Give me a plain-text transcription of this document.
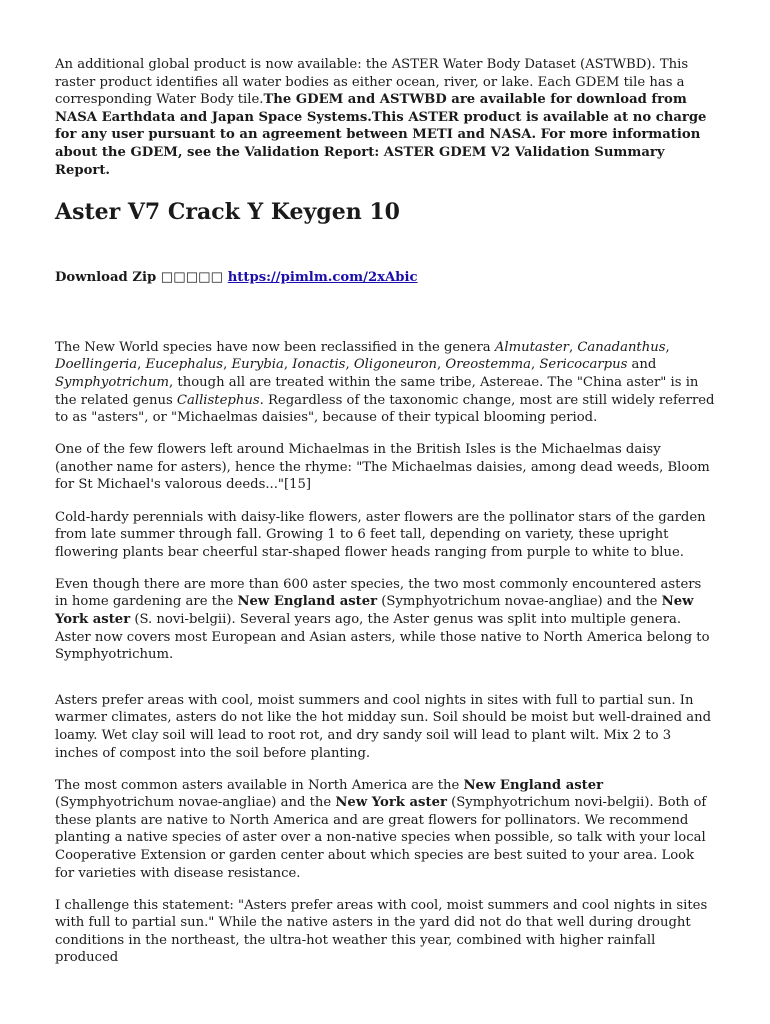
An additional global product is now available: the ASTER Water Body Dataset (ASTWBD). This raster product identifies all water bodies as either ocean, river, or lake. Each GDEM tile has a corresponding Water Body tile.The GDEM and ASTWBD are available for download from NASA Earthdata and Japan Space Systems.This ASTER product is available at no charge for any user pursuant to an agreement between METI and NASA. For more information about the GDEM, see the Validation Report: ASTER GDEM V2 Validation Summary Report.

Aster V7 Crack Y Keygen 10

Download Zip □□□□□ https://pimlm.com/2xAbic

The New World species have now been reclassified in the genera Almutaster, Canadanthus, Doellingeria, Eucephalus, Eurybia, Ionactis, Oligoneuron, Oreostemma, Sericocarpus and Symphyotrichum, though all are treated within the same tribe, Astereae. The "China aster" is in the related genus Callistephus. Regardless of the taxonomic change, most are still widely referred to as "asters", or "Michaelmas daisies", because of their typical blooming period.

One of the few flowers left around Michaelmas in the British Isles is the Michaelmas daisy (another name for asters), hence the rhyme: "The Michaelmas daisies, among dead weeds, Bloom for St Michael's valorous deeds..."[15]

Cold-hardy perennials with daisy-like flowers, aster flowers are the pollinator stars of the garden from late summer through fall. Growing 1 to 6 feet tall, depending on variety, these upright flowering plants bear cheerful star-shaped flower heads ranging from purple to white to blue.

Even though there are more than 600 aster species, the two most commonly encountered asters in home gardening are the New England aster (Symphyotrichum novae-angliae) and the New York aster (S. novi-belgii). Several years ago, the Aster genus was split into multiple genera. Aster now covers most European and Asian asters, while those native to North America belong to Symphyotrichum.

Asters prefer areas with cool, moist summers and cool nights in sites with full to partial sun. In warmer climates, asters do not like the hot midday sun. Soil should be moist but well-drained and loamy. Wet clay soil will lead to root rot, and dry sandy soil will lead to plant wilt. Mix 2 to 3 inches of compost into the soil before planting.

The most common asters available in North America are the New England aster (Symphyotrichum novae-angliae) and the New York aster (Symphyotrichum novi-belgii). Both of these plants are native to North America and are great flowers for pollinators. We recommend planting a native species of aster over a non-native species when possible, so talk with your local Cooperative Extension or garden center about which species are best suited to your area. Look for varieties with disease resistance.

I challenge this statement: "Asters prefer areas with cool, moist summers and cool nights in sites with full to partial sun." While the native asters in the yard did not do that well during drought conditions in the northeast, the ultra-hot weather this year, combined with higher rainfall produced
